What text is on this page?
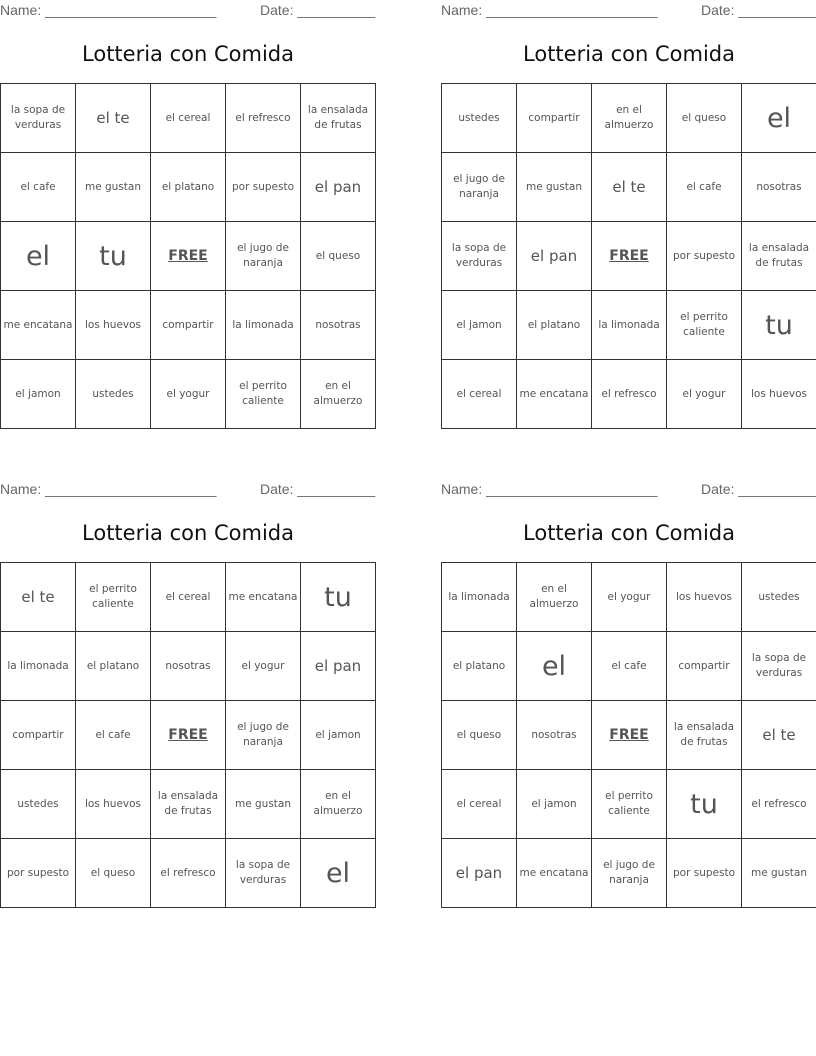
Name: ______________________	Date: __________
Lotteria con Comida
la sopa de verduras	el te	el cereal	el refresco	la ensalada de frutas
el cafe	me gustan	el platano	por supesto	el pan
el	tu	FREE	el jugo de naranja	el queso
me encatana	los huevos	compartir	la limonada	nosotras
el jamon	ustedes	el yogur	el perrito caliente	en el almuerzo
Name: ______________________	Date: __________
Lotteria con Comida
ustedes	compartir	en el almuerzo	el queso	el
el jugo de naranja	me gustan	el te	el cafe	nosotras
la sopa de verduras	el pan	FREE	por supesto	la ensalada de frutas
el jamon	el platano	la limonada	el perrito caliente	tu
el cereal	me encatana	el refresco	el yogur	los huevos
Name: ______________________	Date: __________
Lotteria con Comida
el te	el perrito caliente	el cereal	me encatana	tu
la limonada	el platano	nosotras	el yogur	el pan
compartir	el cafe	FREE	el jugo de naranja	el jamon
ustedes	los huevos	la ensalada de frutas	me gustan	en el almuerzo
por supesto	el queso	el refresco	la sopa de verduras	el
Name: ______________________	Date: __________
Lotteria con Comida
la limonada	en el almuerzo	el yogur	los huevos	ustedes
el platano	el	el cafe	compartir	la sopa de verduras
el queso	nosotras	FREE	la ensalada de frutas	el te
el cereal	el jamon	el perrito caliente	tu	el refresco
el pan	me encatana	el jugo de naranja	por supesto	me gustan
